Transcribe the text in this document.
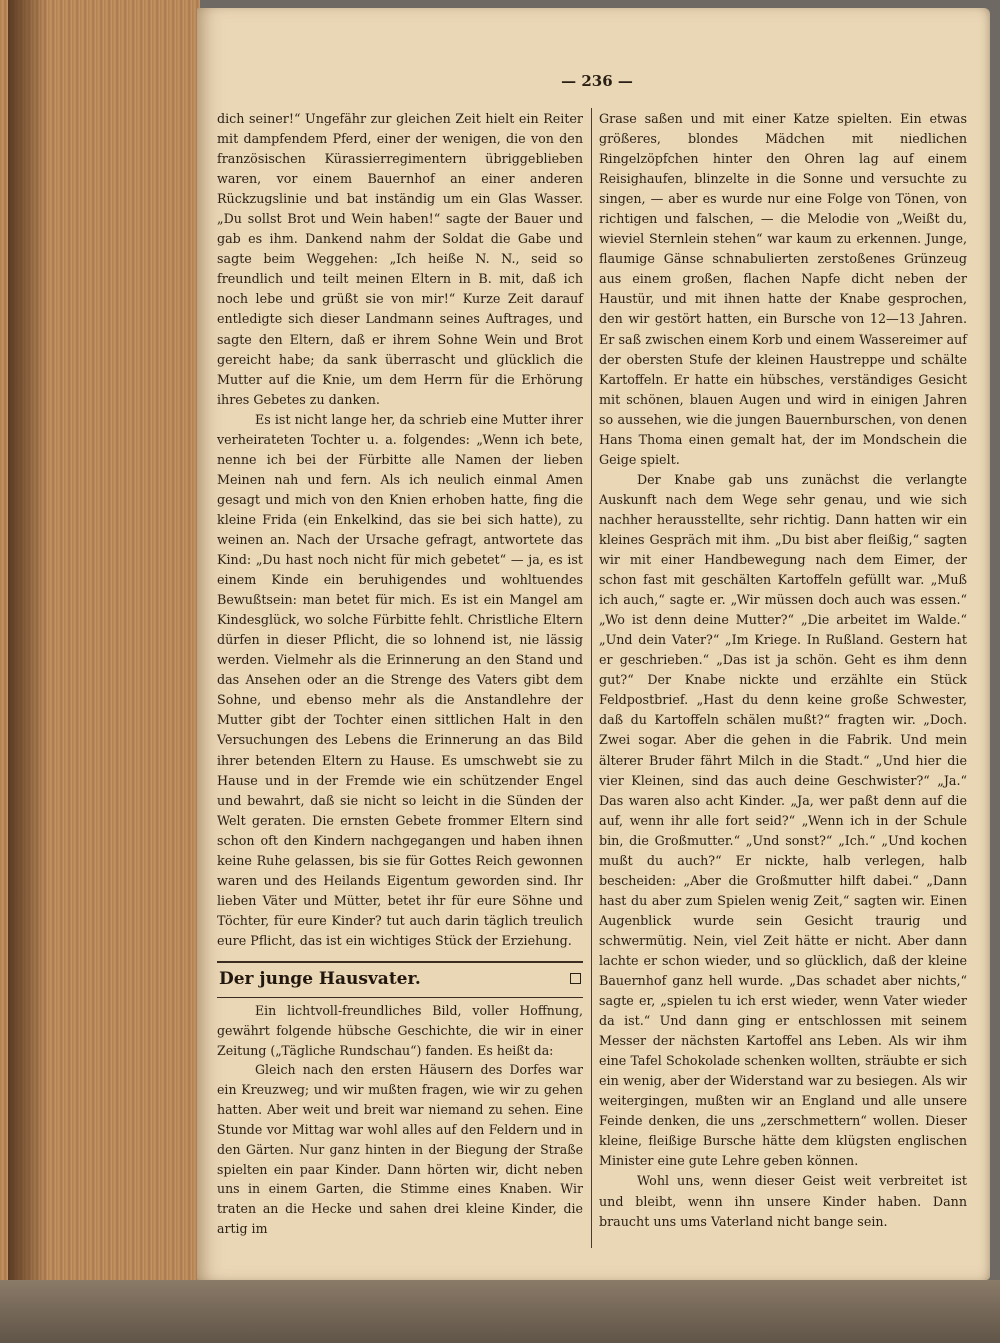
— 236 —

dich seiner!“ Ungefähr zur gleichen Zeit hielt ein Reiter mit dampfendem Pferd, einer der wenigen, die von den französischen Kürassierregimentern übriggeblieben waren, vor einem Bauernhof an einer anderen Rückzugslinie und bat inständig um ein Glas Wasser. „Du sollst Brot und Wein haben!“ sagte der Bauer und gab es ihm. Dankend nahm der Soldat die Gabe und sagte beim Weggehen: „Ich heiße N. N., seid so freundlich und teilt meinen Eltern in B. mit, daß ich noch lebe und grüßt sie von mir!“ Kurze Zeit darauf entledigte sich dieser Landmann seines Auftrages, und sagte den Eltern, daß er ihrem Sohne Wein und Brot gereicht habe; da sank überrascht und glücklich die Mutter auf die Knie, um dem Herrn für die Erhörung ihres Gebetes zu danken.

Es ist nicht lange her, da schrieb eine Mutter ihrer verheirateten Tochter u. a. folgendes: „Wenn ich bete, nenne ich bei der Fürbitte alle Namen der lieben Meinen nah und fern. Als ich neulich einmal Amen gesagt und mich von den Knien erhoben hatte, fing die kleine Frida (ein Enkelkind, das sie bei sich hatte), zu weinen an. Nach der Ursache gefragt, antwortete das Kind: „Du hast noch nicht für mich gebetet“ — ja, es ist einem Kinde ein beruhigendes und wohltuendes Bewußtsein: man betet für mich. Es ist ein Mangel am Kindesglück, wo solche Fürbitte fehlt. Christliche Eltern dürfen in dieser Pflicht, die so lohnend ist, nie lässig werden. Vielmehr als die Erinnerung an den Stand und das Ansehen oder an die Strenge des Vaters gibt dem Sohne, und ebenso mehr als die Anstandlehre der Mutter gibt der Tochter einen sittlichen Halt in den Versuchungen des Lebens die Erinnerung an das Bild ihrer betenden Eltern zu Hause. Es umschwebt sie zu Hause und in der Fremde wie ein schützender Engel und bewahrt, daß sie nicht so leicht in die Sünden der Welt geraten. Die ernsten Gebete frommer Eltern sind schon oft den Kindern nachgegangen und haben ihnen keine Ruhe gelassen, bis sie für Gottes Reich gewonnen waren und des Heilands Eigentum geworden sind. Ihr lieben Väter und Mütter, betet ihr für eure Söhne und Töchter, für eure Kinder? tut auch darin täglich treulich eure Pflicht, das ist ein wichtiges Stück der Erziehung.

Der junge Hausvater.

Ein lichtvoll-freundliches Bild, voller Hoffnung, gewährt folgende hübsche Geschichte, die wir in einer Zeitung („Tägliche Rundschau“) fanden. Es heißt da:

Gleich nach den ersten Häusern des Dorfes war ein Kreuzweg; und wir mußten fragen, wie wir zu gehen hatten. Aber weit und breit war niemand zu sehen. Eine Stunde vor Mittag war wohl alles auf den Feldern und in den Gärten. Nur ganz hinten in der Biegung der Straße spielten ein paar Kinder. Dann hörten wir, dicht neben uns in einem Garten, die Stimme eines Knaben. Wir traten an die Hecke und sahen drei kleine Kinder, die artig im

Grase saßen und mit einer Katze spielten. Ein etwas größeres, blondes Mädchen mit niedlichen Ringelzöpfchen hinter den Ohren lag auf einem Reisighaufen, blinzelte in die Sonne und versuchte zu singen, — aber es wurde nur eine Folge von Tönen, von richtigen und falschen, — die Melodie von „Weißt du, wieviel Sternlein stehen“ war kaum zu erkennen. Junge, flaumige Gänse schnabulierten zerstoßenes Grünzeug aus einem großen, flachen Napfe dicht neben der Haustür, und mit ihnen hatte der Knabe gesprochen, den wir gestört hatten, ein Bursche von 12—13 Jahren. Er saß zwischen einem Korb und einem Wassereimer auf der obersten Stufe der kleinen Haustreppe und schälte Kartoffeln. Er hatte ein hübsches, verständiges Gesicht mit schönen, blauen Augen und wird in einigen Jahren so aussehen, wie die jungen Bauernburschen, von denen Hans Thoma einen gemalt hat, der im Mondschein die Geige spielt.

Der Knabe gab uns zunächst die verlangte Auskunft nach dem Wege sehr genau, und wie sich nachher herausstellte, sehr richtig. Dann hatten wir ein kleines Gespräch mit ihm. „Du bist aber fleißig,“ sagten wir mit einer Handbewegung nach dem Eimer, der schon fast mit geschälten Kartoffeln gefüllt war. „Muß ich auch,“ sagte er. „Wir müssen doch auch was essen.“ „Wo ist denn deine Mutter?“ „Die arbeitet im Walde.“ „Und dein Vater?“ „Im Kriege. In Rußland. Gestern hat er geschrieben.“ „Das ist ja schön. Geht es ihm denn gut?“ Der Knabe nickte und erzählte ein Stück Feldpostbrief. „Hast du denn keine große Schwester, daß du Kartoffeln schälen mußt?“ fragten wir. „Doch. Zwei sogar. Aber die gehen in die Fabrik. Und mein älterer Bruder fährt Milch in die Stadt.“ „Und hier die vier Kleinen, sind das auch deine Geschwister?“ „Ja.“ Das waren also acht Kinder. „Ja, wer paßt denn auf die auf, wenn ihr alle fort seid?“ „Wenn ich in der Schule bin, die Großmutter.“ „Und sonst?“ „Ich.“ „Und kochen mußt du auch?“ Er nickte, halb verlegen, halb bescheiden: „Aber die Großmutter hilft dabei.“ „Dann hast du aber zum Spielen wenig Zeit,“ sagten wir. Einen Augenblick wurde sein Gesicht traurig und schwermütig. Nein, viel Zeit hätte er nicht. Aber dann lachte er schon wieder, und so glücklich, daß der kleine Bauernhof ganz hell wurde. „Das schadet aber nichts,“ sagte er, „spielen tu ich erst wieder, wenn Vater wieder da ist.“ Und dann ging er entschlossen mit seinem Messer der nächsten Kartoffel ans Leben. Als wir ihm eine Tafel Schokolade schenken wollten, sträubte er sich ein wenig, aber der Widerstand war zu besiegen. Als wir weitergingen, mußten wir an England und alle unsere Feinde denken, die uns „zerschmettern“ wollen. Dieser kleine, fleißige Bursche hätte dem klügsten englischen Minister eine gute Lehre geben können.

Wohl uns, wenn dieser Geist weit verbreitet ist und bleibt, wenn ihn unsere Kinder haben. Dann braucht uns ums Vaterland nicht bange sein.
